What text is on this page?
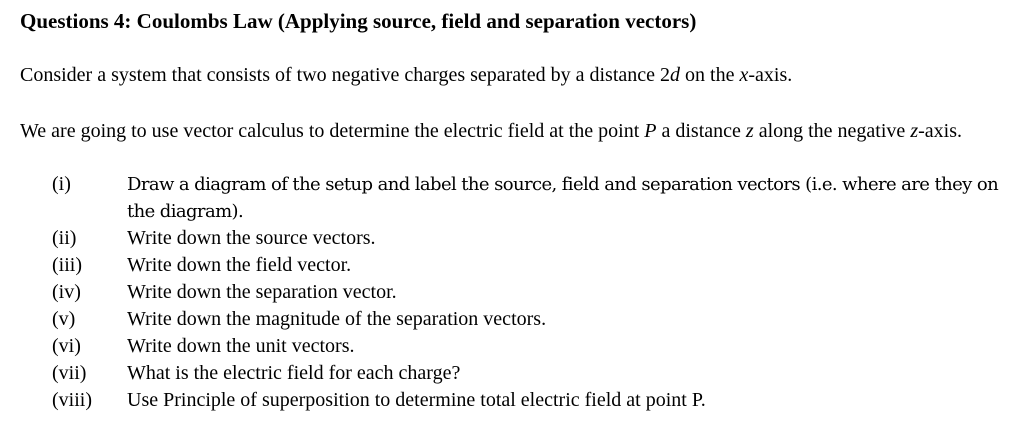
Questions 4: Coulombs Law (Applying source, field and separation vectors)
Consider a system that consists of two negative charges separated by a distance 2d on the x-axis.
We are going to use vector calculus to determine the electric field at the point P a distance z along the negative z-axis.
(i)	Draw a diagram of the setup and label the source, field and separation vectors (i.e. where are they on the diagram).
(ii)	Write down the source vectors.
(iii)	Write down the field vector.
(iv)	Write down the separation vector.
(v)	Write down the magnitude of the separation vectors.
(vi)	Write down the unit vectors.
(vii)	What is the electric field for each charge?
(viii)	Use Principle of superposition to determine total electric field at point P.
